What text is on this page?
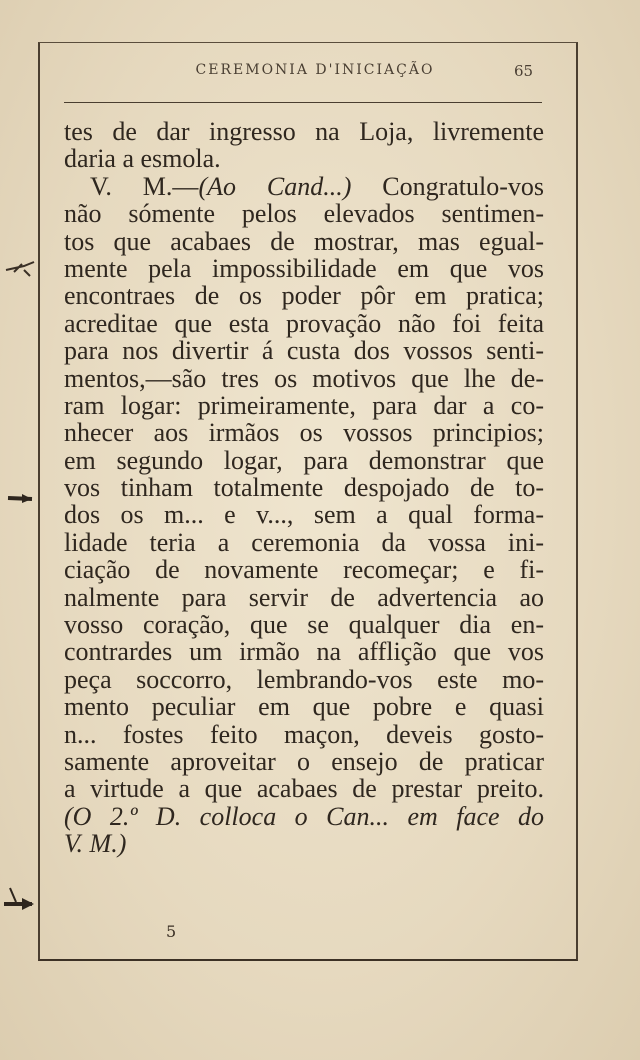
CEREMONIA D'INICIAÇÃO	65
tes de dar ingresso na Loja, livremente
daria a esmola.
V. M.—(Ao Cand...) Congratulo-vos
não sómente pelos elevados sentimen-
tos que acabaes de mostrar, mas egual-
mente pela impossibilidade em que vos
encontraes de os poder pôr em pratica;
acreditae que esta provação não foi feita
para nos divertir á custa dos vossos senti-
mentos,—são tres os motivos que lhe de-
ram logar: primeiramente, para dar a co-
nhecer aos irmãos os vossos principios;
em segundo logar, para demonstrar que
vos tinham totalmente despojado de to-
dos os m... e v..., sem a qual forma-
lidade teria a ceremonia da vossa ini-
ciação de novamente recomeçar; e fi-
nalmente para servir de advertencia ao
vosso coração, que se qualquer dia en-
contrardes um irmão na afflição que vos
peça soccorro, lembrando-vos este mo-
mento peculiar em que pobre e quasi
n... fostes feito maçon, deveis gosto-
samente aproveitar o ensejo de praticar
a virtude a que acabaes de prestar preito.
(O 2.º D. colloca o Can... em face do
V. M.)
5
